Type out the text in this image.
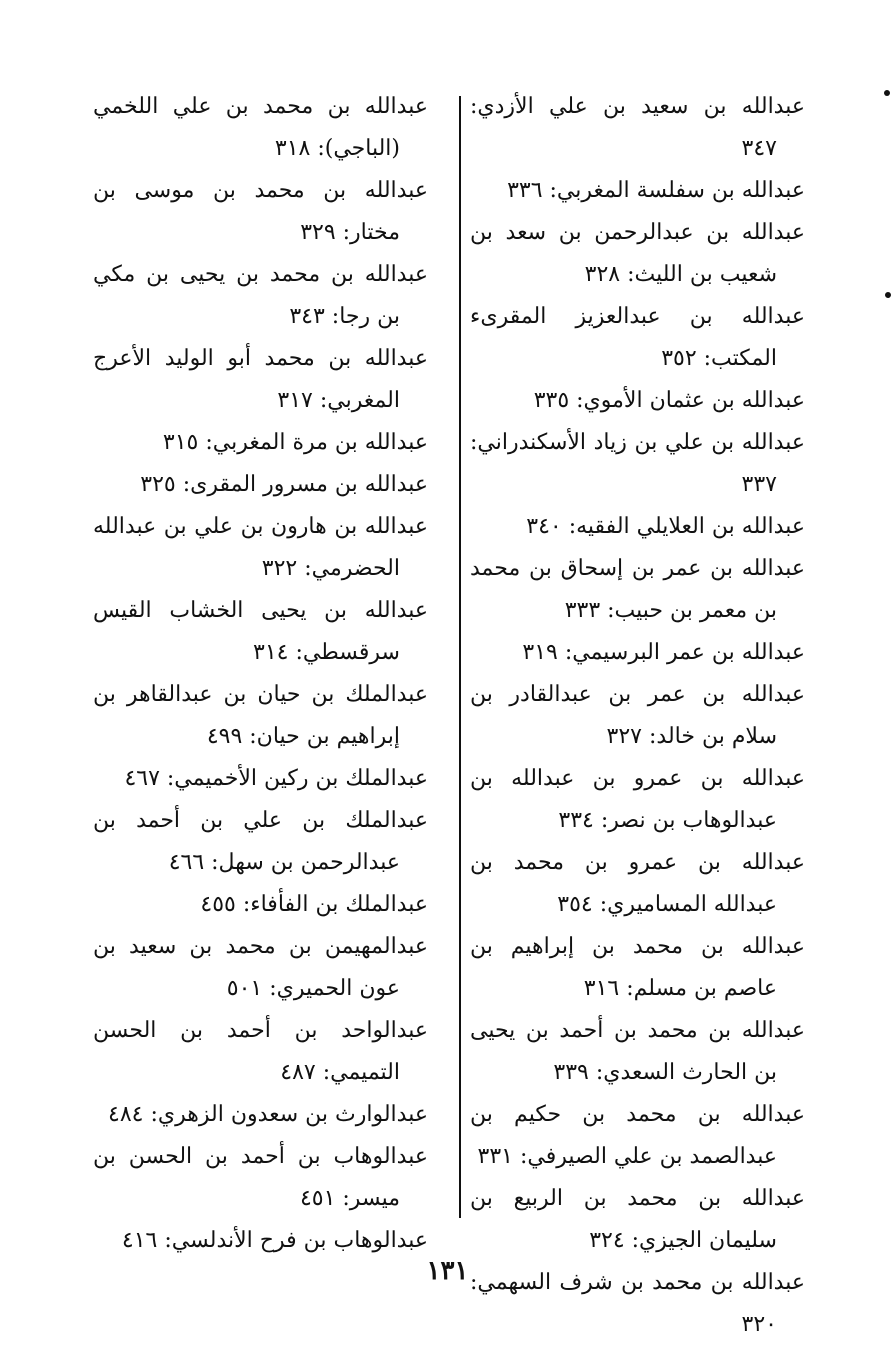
عبدالله بن سعيد بن علي الأزدي: ٣٤٧

عبدالله بن سفلسة المغربي: ٣٣٦

عبدالله بن عبدالرحمن بن سعد بن شعيب بن الليث: ٣٢٨

عبدالله بن عبدالعزيز المقرىء المكتب: ٣٥٢

عبدالله بن عثمان الأموي: ٣٣٥

عبدالله بن علي بن زياد الأسكندراني: ٣٣٧

عبدالله بن العلايلي الفقيه: ٣٤٠

عبدالله بن عمر بن إسحاق بن محمد بن معمر بن حبيب: ٣٣٣

عبدالله بن عمر البرسيمي: ٣١٩

عبدالله بن عمر بن عبدالقادر بن سلام بن خالد: ٣٢٧

عبدالله بن عمرو بن عبدالله بن عبدالوهاب بن نصر: ٣٣٤

عبدالله بن عمرو بن محمد بن عبدالله المساميري: ٣٥٤

عبدالله بن محمد بن إبراهيم بن عاصم بن مسلم: ٣١٦

عبدالله بن محمد بن أحمد بن يحيى بن الحارث السعدي: ٣٣٩

عبدالله بن محمد بن حكيم بن عبدالصمد بن علي الصيرفي: ٣٣١

عبدالله بن محمد بن الربيع بن سليمان الجيزي: ٣٢٤

عبدالله بن محمد بن شرف السهمي: ٣٢٠

عبدالله بن محمد بن علي اللخمي (الباجي): ٣١٨

عبدالله بن محمد بن موسى بن مختار: ٣٢٩

عبدالله بن محمد بن يحيى بن مكي بن رجا: ٣٤٣

عبدالله بن محمد أبو الوليد الأعرج المغربي: ٣١٧

عبدالله بن مرة المغربي: ٣١٥

عبدالله بن مسرور المقرى: ٣٢٥

عبدالله بن هارون بن علي بن عبدالله الحضرمي: ٣٢٢

عبدالله بن يحيى الخشاب القيس سرقسطي: ٣١٤

عبدالملك بن حيان بن عبدالقاهر بن إبراهيم بن حيان: ٤٩٩

عبدالملك بن ركين الأخميمي: ٤٦٧

عبدالملك بن علي بن أحمد بن عبدالرحمن بن سهل: ٤٦٦

عبدالملك بن الفأفاء: ٤٥٥

عبدالمهيمن بن محمد بن سعيد بن عون الحميري: ٥٠١

عبدالواحد بن أحمد بن الحسن التميمي: ٤٨٧

عبدالوارث بن سعدون الزهري: ٤٨٤

عبدالوهاب بن أحمد بن الحسن بن ميسر: ٤٥١

عبدالوهاب بن فرح الأندلسي: ٤١٦

١٣١
